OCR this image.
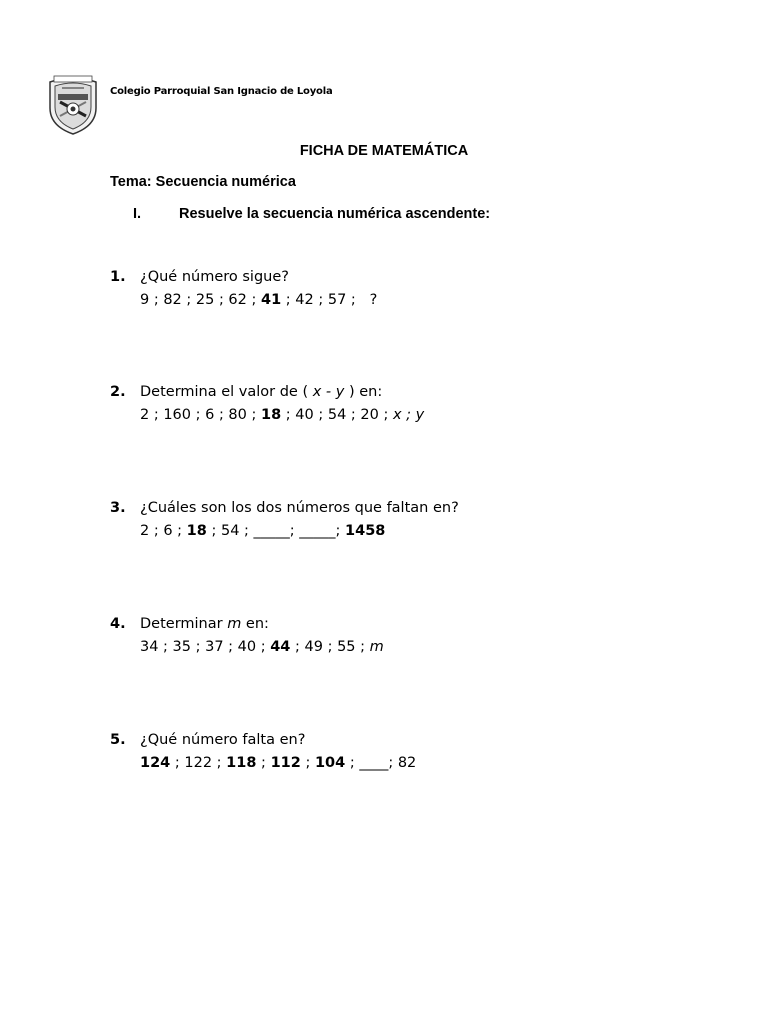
Colegio Parroquial San Ignacio de Loyola
FICHA DE MATEMÁTICA
Tema: Secuencia numérica
I.	Resuelve la secuencia numérica ascendente:
1. ¿Qué número sigue?
9 ; 82 ; 25 ; 62 ; 41 ; 42 ; 57 ;   ?
2. Determina el valor de ( x - y ) en:
2 ; 160 ; 6 ; 80 ; 18 ; 40 ; 54 ; 20 ; x ; y
3. ¿Cuáles son los dos números que faltan en?
2 ; 6 ; 18 ; 54 ; _____; _____; 1458
4. Determinar m en:
34 ; 35 ; 37 ; 40 ; 44 ; 49 ; 55 ; m
5. ¿Qué número falta en?
124 ; 122 ; 118 ; 112 ; 104 ; ____; 82
